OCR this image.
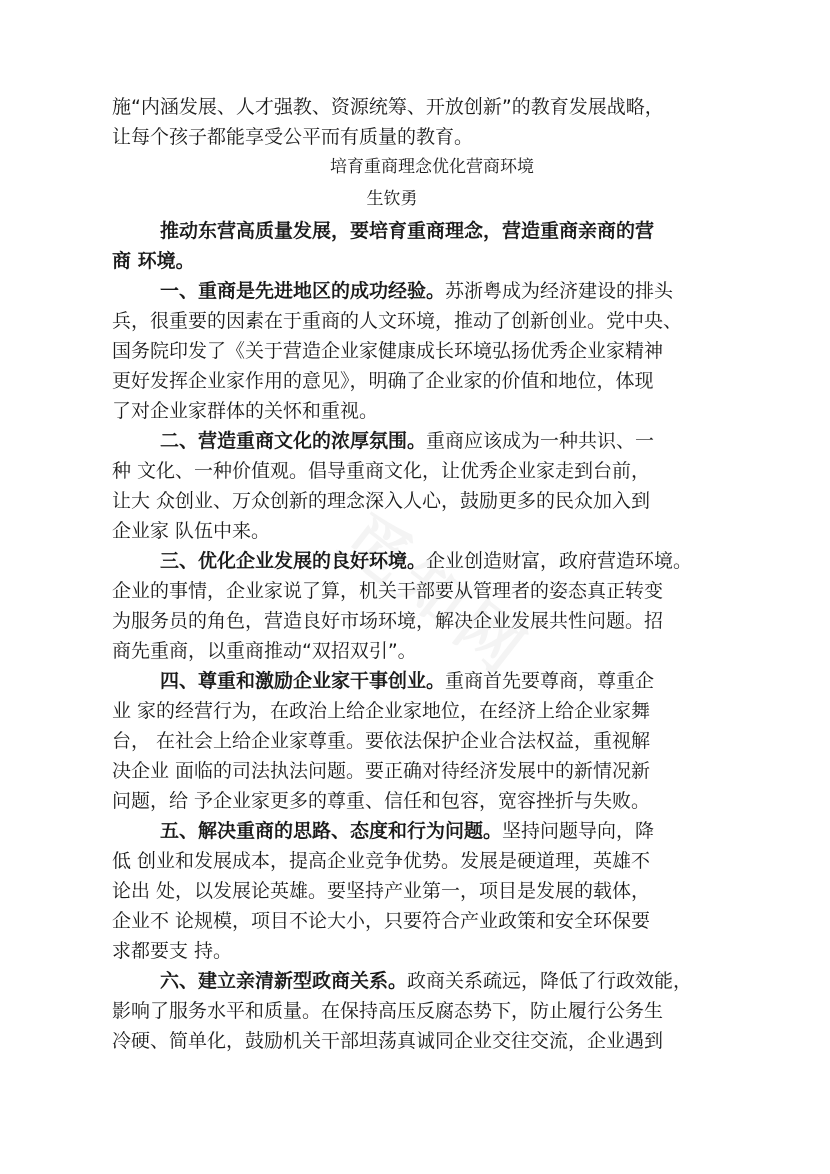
施“内涵发展、人才强教、资源统筹、开放创新”的教育发展战略，
让每个孩子都能享受公平而有质量的教育。
培育重商理念优化营商环境
生钦勇
推动东营高质量发展，要培育重商理念，营造重商亲商的营
商 环境。
一、重商是先进地区的成功经验。苏浙粤成为经济建设的排头
兵，很重要的因素在于重商的人文环境，推动了创新创业。党中央、
国务院印发了《关于营造企业家健康成长环境弘扬优秀企业家精神
更好发挥企业家作用的意见》，明确了企业家的价值和地位，体现
了对企业家群体的关怀和重视。
二、营造重商文化的浓厚氛围。重商应该成为一种共识、一
种 文化、一种价值观。倡导重商文化，让优秀企业家走到台前，
让大 众创业、万众创新的理念深入人心，鼓励更多的民众加入到
企业家 队伍中来。
三、优化企业发展的良好环境。企业创造财富，政府营造环境。
企业的事情，企业家说了算，机关干部要从管理者的姿态真正转变
为服务员的角色，营造良好市场环境，解决企业发展共性问题。招
商先重商，以重商推动“双招双引”。
四、尊重和激励企业家干事创业。重商首先要尊商，尊重企
业 家的经营行为，在政治上给企业家地位，在经济上给企业家舞
台， 在社会上给企业家尊重。要依法保护企业合法权益，重视解
决企业 面临的司法执法问题。要正确对待经济发展中的新情况新
问题，给 予企业家更多的尊重、信任和包容，宽容挫折与失败。
五、解决重商的思路、态度和行为问题。坚持问题导向，降
低 创业和发展成本，提高企业竞争优势。发展是硬道理，英雄不
论出 处，以发展论英雄。要坚持产业第一，项目是发展的载体，
企业不 论规模，项目不论大小，只要符合产业政策和安全环保要
求都要支 持。
六、建立亲清新型政商关系。政商关系疏远，降低了行政效能，
影响了服务水平和质量。在保持高压反腐态势下，防止履行公务生
冷硬、简单化，鼓励机关干部坦荡真诚同企业交往交流，企业遇到
